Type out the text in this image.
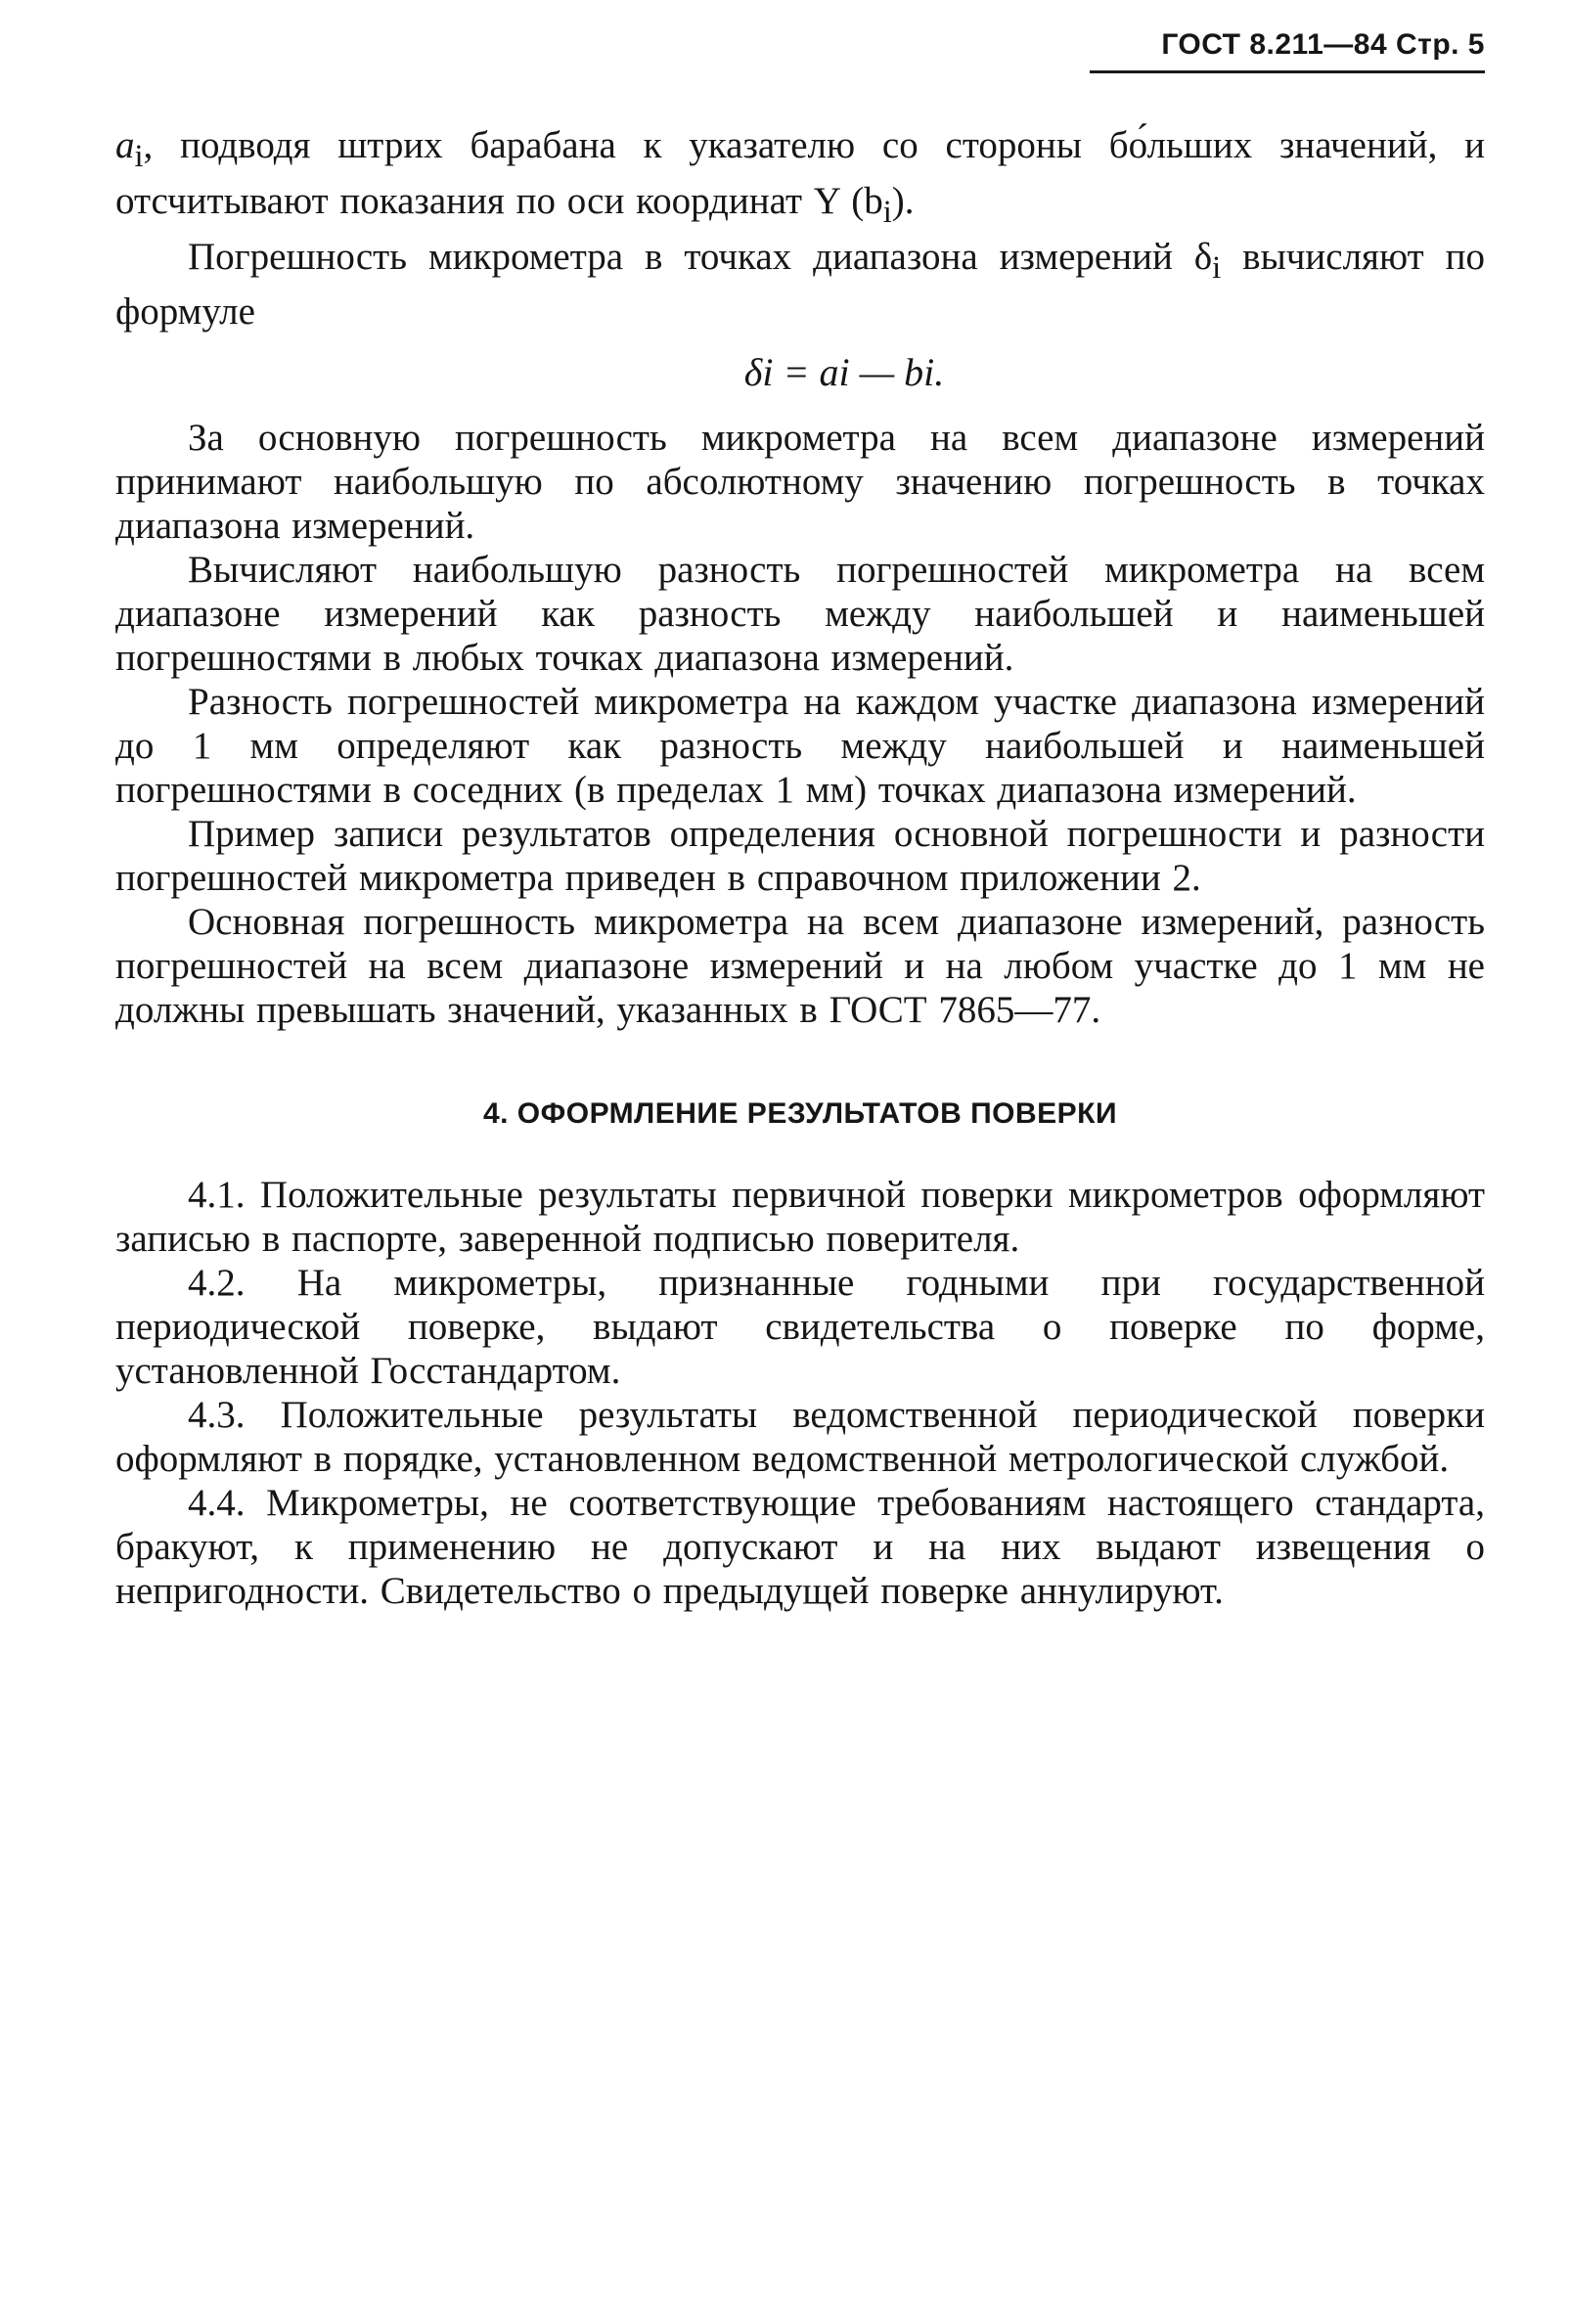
ГОСТ 8.211—84 Стр. 5

$a_i$, подводя штрих барабана к указателю со стороны бо́льших значений, и отсчитывают показания по оси координат Y $(b_i)$.

Погрешность микрометра в точках диапазона измерений $\delta_i$ вычисляют по формуле

δi = ai — bi.

За основную погрешность микрометра на всем диапазоне измерений принимают наибольшую по абсолютному значению погрешность в точках диапазона измерений.

Вычисляют наибольшую разность погрешностей микрометра на всем диапазоне измерений как разность между наибольшей и наименьшей погрешностями в любых точках диапазона измерений.

Разность погрешностей микрометра на каждом участке диапазона измерений до 1 мм определяют как разность между наибольшей и наименьшей погрешностями в соседних (в пределах 1 мм) точках диапазона измерений.

Пример записи результатов определения основной погрешности и разности погрешностей микрометра приведен в справочном приложении 2.

Основная погрешность микрометра на всем диапазоне измерений, разность погрешностей на всем диапазоне измерений и на любом участке до 1 мм не должны превышать значений, указанных в ГОСТ 7865—77.

4. ОФОРМЛЕНИЕ РЕЗУЛЬТАТОВ ПОВЕРКИ

4.1. Положительные результаты первичной поверки микрометров оформляют записью в паспорте, заверенной подписью поверителя.

4.2. На микрометры, признанные годными при государственной периодической поверке, выдают свидетельства о поверке по форме, установленной Госстандартом.

4.3. Положительные результаты ведомственной периодической поверки оформляют в порядке, установленном ведомственной метрологической службой.

4.4. Микрометры, не соответствующие требованиям настоящего стандарта, бракуют, к применению не допускают и на них выдают извещения о непригодности. Свидетельство о предыдущей поверке аннулируют.
